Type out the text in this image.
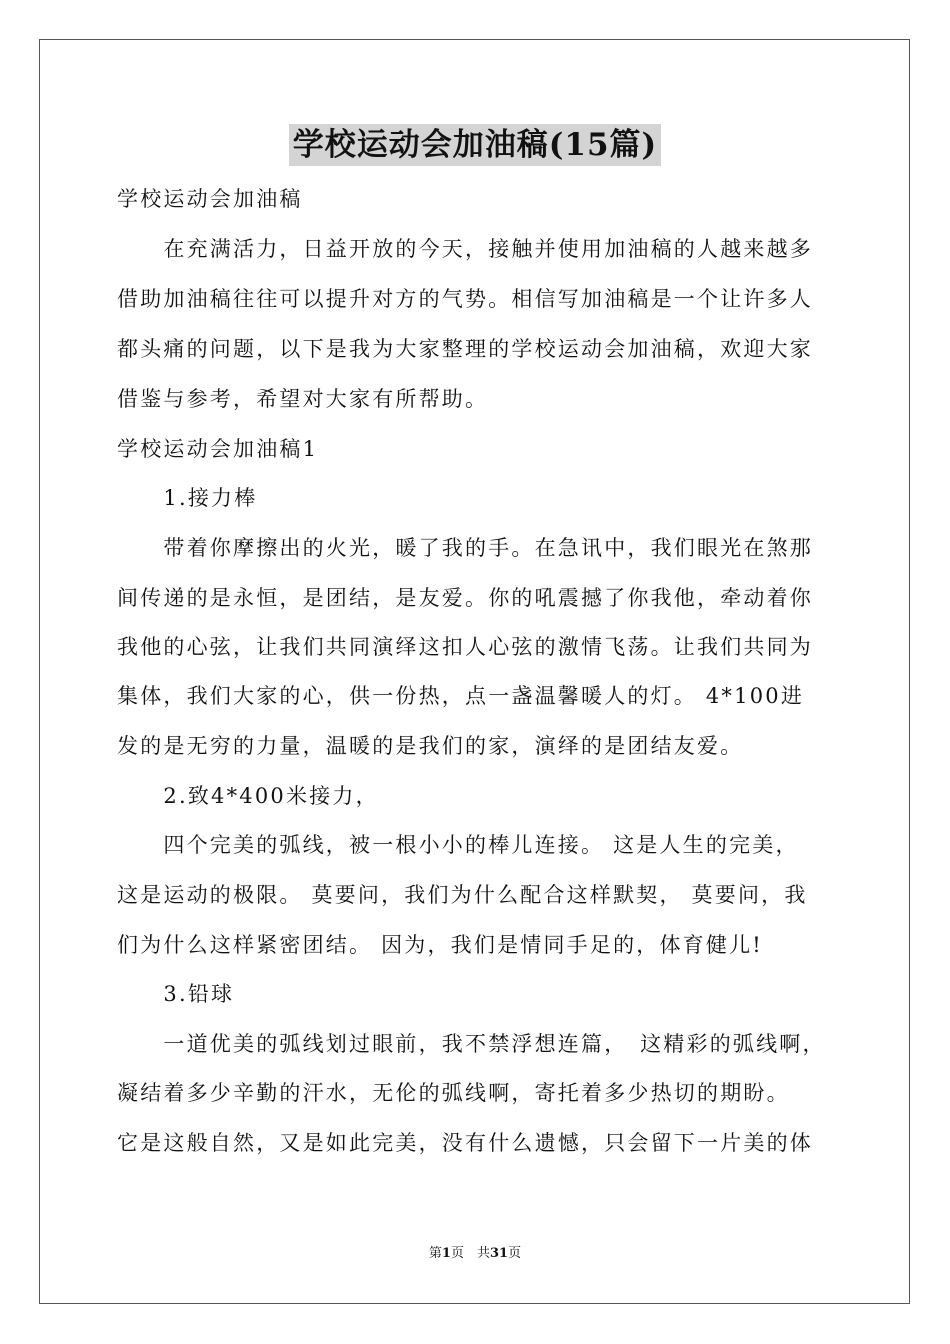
学校运动会加油稿(15篇)
学校运动会加油稿
　　在充满活力，日益开放的今天，接触并使用加油稿的人越来越多
借助加油稿往往可以提升对方的气势。相信写加油稿是一个让许多人
都头痛的问题，以下是我为大家整理的学校运动会加油稿，欢迎大家
借鉴与参考，希望对大家有所帮助。
学校运动会加油稿1
　　1.接力棒
　　带着你摩擦出的火光，暖了我的手。在急讯中，我们眼光在煞那
间传递的是永恒，是团结，是友爱。你的吼震撼了你我他，牵动着你
我他的心弦，让我们共同演绎这扣人心弦的激情飞荡。让我们共同为
集体，我们大家的心，供一份热，点一盏温馨暖人的灯。 4*100进
发的是无穷的力量，温暖的是我们的家，演绎的是团结友爱。
　　2.致4*400米接力，
　　四个完美的弧线，被一根小小的棒儿连接。 这是人生的完美，
这是运动的极限。 莫要问，我们为什么配合这样默契， 莫要问，我
们为什么这样紧密团结。 因为，我们是情同手足的，体育健儿!
　　3.铅球
　　一道优美的弧线划过眼前，我不禁浮想连篇，　这精彩的弧线啊，
凝结着多少辛勤的汗水，无伦的弧线啊，寄托着多少热切的期盼。
它是这般自然，又是如此完美，没有什么遗憾，只会留下一片美的体
第1页　共31页
